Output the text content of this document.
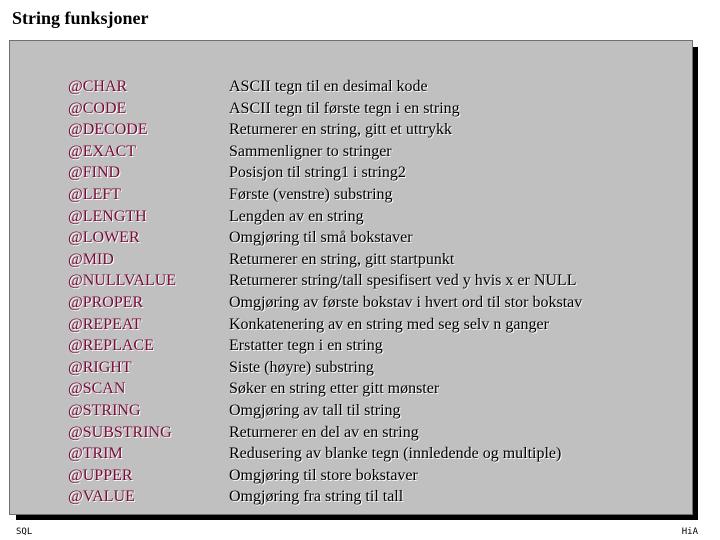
String funksjoner
@CHAR
@CODE
@DECODE
@EXACT
@FIND
@LEFT
@LENGTH
@LOWER
@MID
@NULLVALUE
@PROPER
@REPEAT
@REPLACE
@RIGHT
@SCAN
@STRING
@SUBSTRING
@TRIM
@UPPER
@VALUE
ASCII tegn til en desimal kode
ASCII tegn til første tegn i en string
Returnerer en string, gitt et uttrykk
Sammenligner to stringer
Posisjon til string1 i string2
Første (venstre) substring
Lengden av en string
Omgjøring til små bokstaver
Returnerer en string, gitt startpunkt
Returnerer string/tall spesifisert ved y hvis x er NULL
Omgjøring av første bokstav i hvert ord til stor bokstav
Konkatenering av en string med seg selv n ganger
Erstatter tegn i en string
Siste (høyre) substring
Søker en string etter gitt mønster
Omgjøring av tall til string
Returnerer en del av en string
Redusering av blanke tegn (innledende og multiple)
Omgjøring til store bokstaver
Omgjøring fra string til tall
SQL	HiA
